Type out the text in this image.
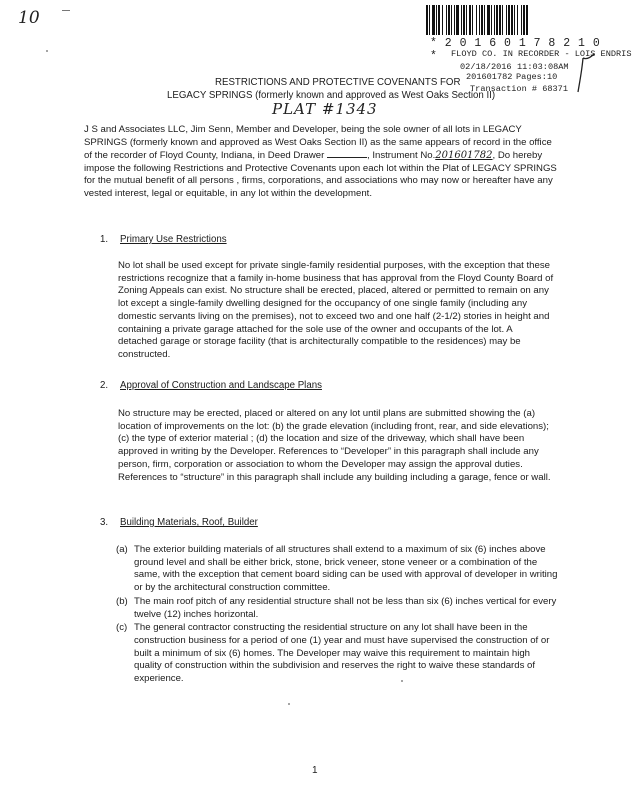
10
* 2 0 1 6 0 1 7 8 2 1 0 *	FLOYD CO. IN RECORDER - LOIS ENDRIS
02/18/2016 11:03:08AM
201601782 Pages:10
Transaction # 68371
RESTRICTIONS AND PROTECTIVE COVENANTS FOR
LEGACY SPRINGS (formerly known and approved as West Oaks Section II)
PLAT #1343
J S and Associates LLC, Jim Senn, Member and Developer, being the sole owner of all lots in LEGACY SPRINGS (formerly known and approved as West Oaks Section II) as the same appears of record in the office of the recorder of Floyd County, Indiana, in Deed Drawer	, Instrument No.201601782, Do hereby impose the following Restrictions and Protective Covenants upon each lot within the Plat of LEGACY SPRINGS for the mutual benefit of all persons , firms, corporations, and associations who may now or hereafter have any vested interest, legal or equitable, in any lot within the development.
1. Primary Use Restrictions
No lot shall be used except for private single-family residential purposes, with the exception that these restrictions recognize that a family in-home business that has approval from the Floyd County Board of Zoning Appeals can exist. No structure shall be erected, placed, altered or permitted to remain on any lot except a single-family dwelling designed for the occupancy of one single family (including any domestic servants living on the premises), not to exceed two and one half (2-1/2) stories in height and containing a private garage attached for the sole use of the owner and occupants of the lot. A detached garage or storage facility (that is architecturally compatible to the residences) may be constructed.
2. Approval of Construction and Landscape Plans
No structure may be erected, placed or altered on any lot until plans are submitted showing the (a) location of improvements on the lot: (b) the grade elevation (including front, rear, and side elevations); (c) the type of exterior material ; (d) the location and size of the driveway, which shall have been approved in writing by the Developer. References to “Developer” in this paragraph shall include any person, firm, corporation or association to whom the Developer may assign the approval duties. References to “structure” in this paragraph shall include any building including a garage, fence or wall.
3. Building Materials, Roof, Builder
(a) The exterior building materials of all structures shall extend to a maximum of six (6) inches above ground level and shall be either brick, stone, brick veneer, stone veneer or a combination of the same, with the exception that cement board siding can be used with approval of developer in writing or by the architectural construction committee.
(b) The main roof pitch of any residential structure shall not be less than six (6) inches vertical for every twelve (12) inches horizontal.
(c) The general contractor constructing the residential structure on any lot shall have been in the construction business for a period of one (1) year and must have supervised the construction of or built a minimum of six (6) homes. The Developer may waive this requirement to maintain high quality of construction within the subdivision and reserves the right to waive these standards of experience.
1
